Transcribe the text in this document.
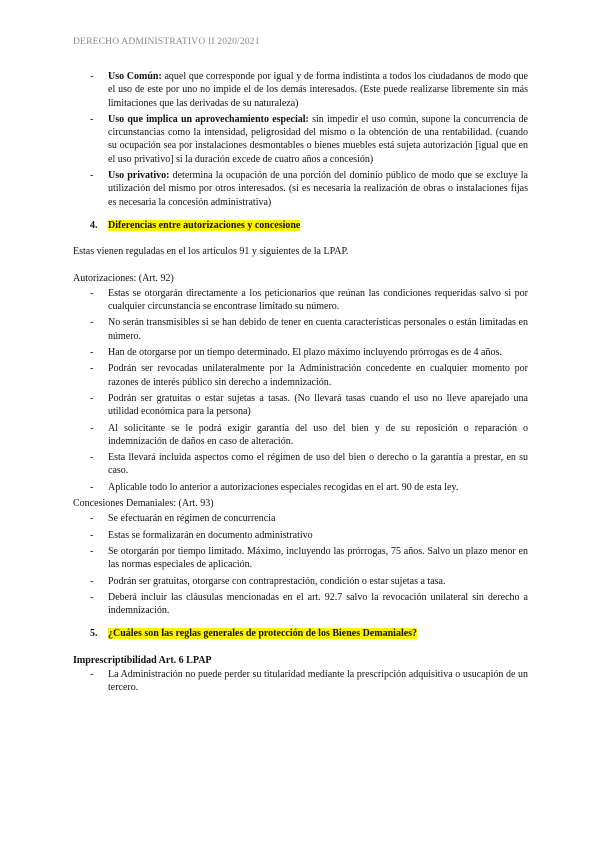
DERECHO ADMINISTRATIVO II 2020/2021
- Uso Común: aquel que corresponde por igual y de forma indistinta a todos los ciudadanos de modo que el uso de este por uno no impide el de los demás interesados. (Este puede realizarse libremente sin más limitaciones que las derivadas de su naturaleza)
- Uso que implica un aprovechamiento especial: sin impedir el uso común, supone la concurrencia de circunstancias como la intensidad, peligrosidad del mismo o la obtención de una rentabilidad. (cuando su ocupación sea por instalaciones desmontables o bienes muebles está sujeta autorización [igual que en el uso privativo] si la duración excede de cuatro años a concesión)
- Uso privativo: determina la ocupación de una porción del dominio público de modo que se excluye la utilización del mismo por otros interesados. (si es necesaria la realización de obras o instalaciones fijas es necesaria la concesión administrativa)
4. Diferencias entre autorizaciones y concesione

Estas vienen reguladas en el los artículos 91 y siguientes de la LPAP.

Autorizaciones: (Art. 92)

- Estas se otorgarán directamente a los peticionarios que reúnan las condiciones requeridas salvo si por cualquier circunstancia se encontrase limitado su número.
- No serán transmisibles si se han debido de tener en cuenta características personales o están limitadas en número.
- Han de otorgarse por un tiempo determinado. El plazo máximo incluyendo prórrogas es de 4 años.
- Podrán ser revocadas unilateralmente por la Administración concedente en cualquier momento por razones de interés público sin derecho a indemnización.
- Podrán ser gratuitas o estar sujetas a tasas. (No llevará tasas cuando el uso no lleve aparejado una utilidad económica para la persona)
- Al solicitante se le podrá exigir garantía del uso del bien y de su reposición o reparación o indemnización de daños en caso de alteración.
- Esta llevará incluida aspectos como el régimen de uso del bien o derecho o la garantía a prestar, en su caso.
- Aplicable todo lo anterior a autorizaciones especiales recogidas en el art. 90 de esta ley.

Concesiones Demaniales: (Art. 93)

- Se efectuarán en régimen de concurrencia
- Estas se formalizarán en documento administrativo
- Se otorgarán por tiempo limitado. Máximo, incluyendo las prórrogas, 75 años. Salvo un plazo menor en las normas especiales de aplicación.
- Podrán ser gratuitas, otorgarse con contraprestación, condición o estar sujetas a tasa.
- Deberá incluir las cláusulas mencionadas en el art. 92.7 salvo la revocación unilateral sin derecho a indemnización.
5. ¿Cuáles son las reglas generales de protección de los Bienes Demaniales?

Imprescriptibilidad Art. 6 LPAP

- La Administración no puede perder su titularidad mediante la prescripción adquisitiva o usucapión de un tercero.
